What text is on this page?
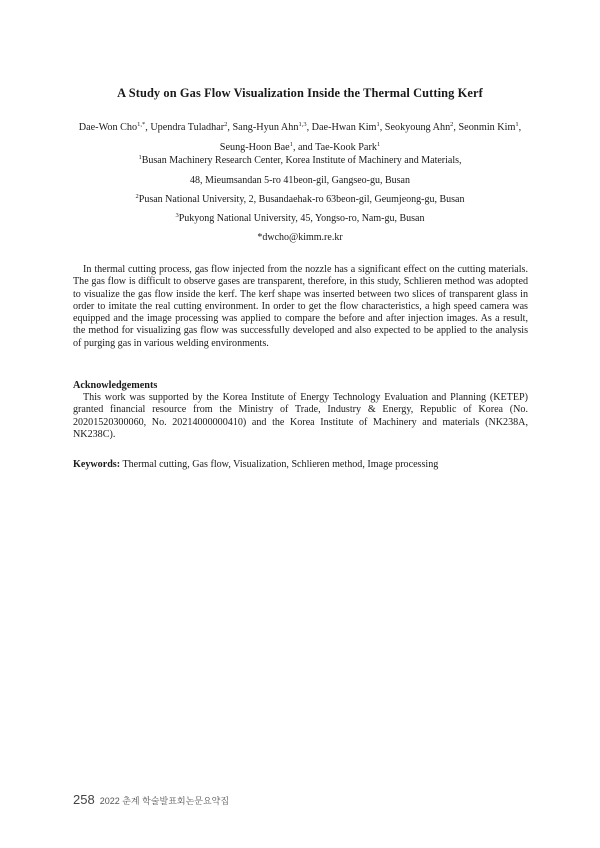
A Study on Gas Flow Visualization Inside the Thermal Cutting Kerf
Dae-Won Cho$^{1,*}$, Upendra Tuladhar$^2$, Sang-Hyun Ahn$^{1,3}$, Dae-Hwan Kim$^1$, Seokyoung Ahn$^2$, Seonmin Kim$^1$,
Seung-Hoon Bae$^1$, and Tae-Kook Park$^1$
$^1$Busan Machinery Research Center, Korea Institute of Machinery and Materials,
48, Mieumsandan 5-ro 41beon-gil, Gangseo-gu, Busan
$^2$Pusan National University, 2, Busandaehak-ro 63beon-gil, Geumjeong-gu, Busan
$^3$Pukyong National University, 45, Yongso-ro, Nam-gu, Busan
*dwcho@kimm.re.kr

In thermal cutting process, gas flow injected from the nozzle has a significant effect on the cutting materials. The gas flow is difficult to observe gases are transparent, therefore, in this study, Schlieren method was adopted to visualize the gas flow inside the kerf. The kerf shape was inserted between two slices of transparent glass in order to imitate the real cutting environment. In order to get the flow characteristics, a high speed camera was equipped and the image processing was applied to compare the before and after injection images. As a result, the method for visualizing gas flow was successfully developed and also expected to be applied to the analysis of purging gas in various welding environments.

Acknowledgements

This work was supported by the Korea Institute of Energy Technology Evaluation and Planning (KETEP) granted financial resource from the Ministry of Trade, Industry & Energy, Republic of Korea (No. 20201520300060, No. 20214000000410) and the Korea Institute of Machinery and materials (NK238A, NK238C).

Keywords: Thermal cutting, Gas flow, Visualization, Schlieren method, Image processing
258 2022 춘계 학술발표회논문요약집
